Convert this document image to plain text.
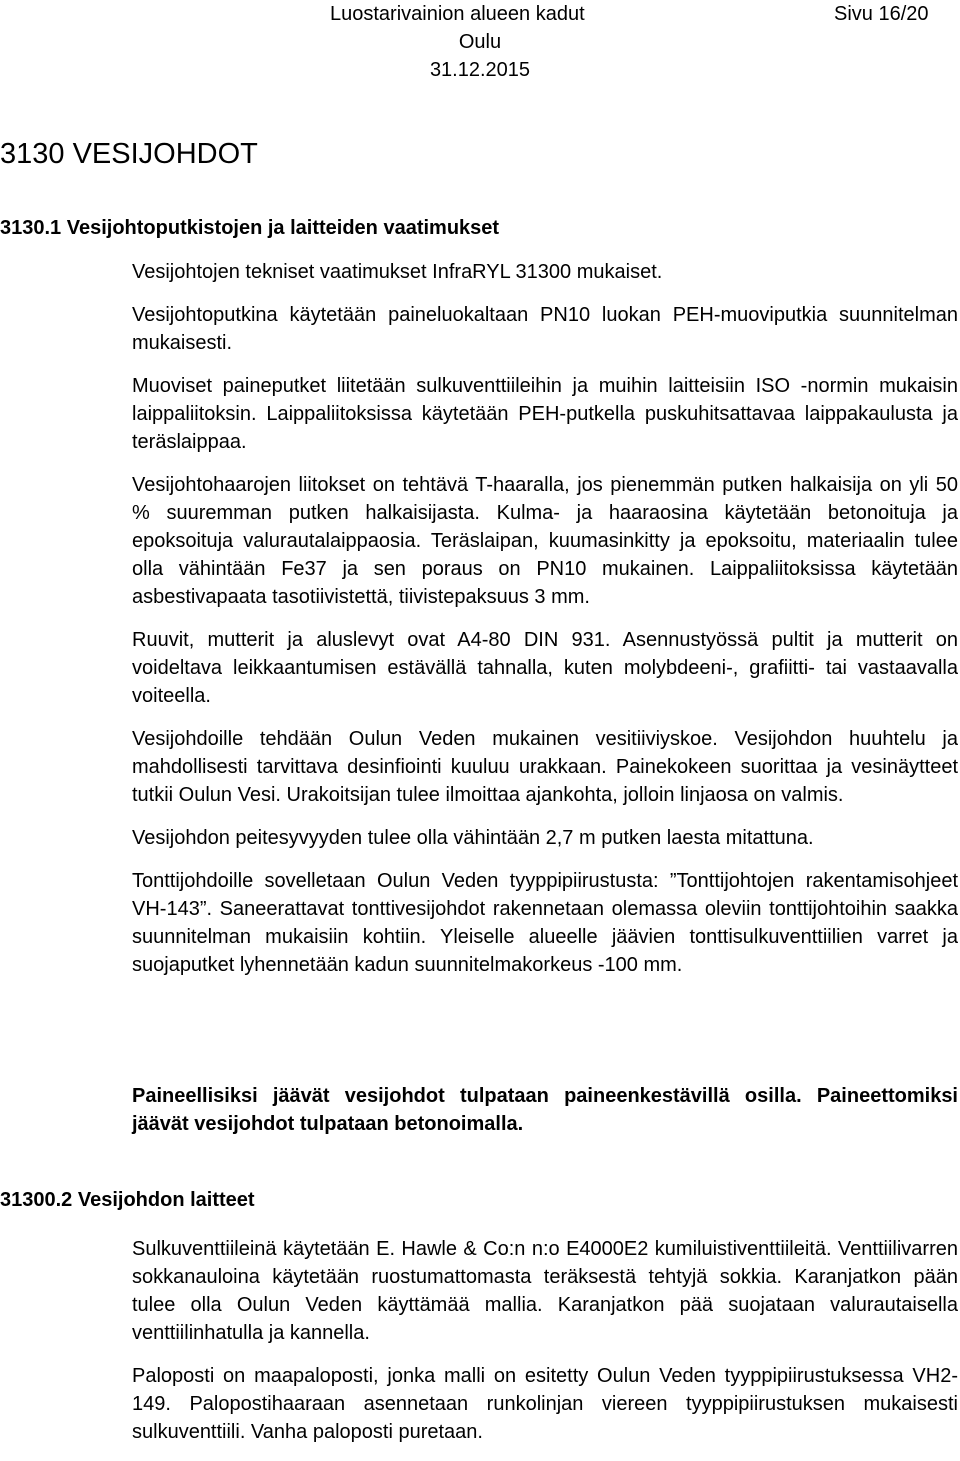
Luostarivainion alueen kadut	Sivu 16/20
Oulu
31.12.2015
3130 VESIJOHDOT
3130.1 Vesijohtoputkistojen ja laitteiden vaatimukset

Vesijohtojen tekniset vaatimukset InfraRYL 31300 mukaiset.

Vesijohtoputkina käytetään paineluokaltaan PN10 luokan PEH-muoviputkia suunnitelman mukaisesti.

Muoviset paineputket liitetään sulkuventtiileihin ja muihin laitteisiin ISO -normin mukaisin laippaliitoksin. Laippaliitoksissa käytetään PEH-putkella puskuhitsattavaa laippakaulusta ja teräslaippaa.

Vesijohtohaarojen liitokset on tehtävä T-haaralla, jos pienemmän putken halkaisija on yli 50 % suuremman putken halkaisijasta. Kulma- ja haaraosina käytetään betonoituja ja epoksoituja valurautalaippaosia. Teräslaipan, kuumasinkitty ja epoksoitu, materiaalin tulee olla vähintään Fe37 ja sen poraus on PN10 mukainen. Laippaliitoksissa käytetään asbestivapaata tasotiivistettä, tiivistepaksuus 3 mm.

Ruuvit, mutterit ja aluslevyt ovat A4-80 DIN 931. Asennustyössä pultit ja mutterit on voideltava leikkaantumisen estävällä tahnalla, kuten molybdeeni-, grafiitti- tai vastaavalla voiteella.

Vesijohdoille tehdään Oulun Veden mukainen vesitiiviyskoe. Vesijohdon huuhtelu ja mahdollisesti tarvittava desinfiointi kuuluu urakkaan. Painekokeen suorittaa ja vesinäytteet tutkii Oulun Vesi. Urakoitsijan tulee ilmoittaa ajankohta, jolloin linjaosa on valmis.

Vesijohdon peitesyvyyden tulee olla vähintään 2,7 m putken laesta mitattuna.

Tonttijohdoille sovelletaan Oulun Veden tyyppipiirustusta: ”Tonttijohtojen rakentamisohjeet VH-143”. Saneerattavat tonttivesijohdot rakennetaan olemassa oleviin tonttijohtoihin saakka suunnitelman mukaisiin kohtiin. Yleiselle alueelle jäävien tonttisulkuventtiilien varret ja suojaputket lyhennetään kadun suunnitelmakorkeus -100 mm.

Paineellisiksi jäävät vesijohdot tulpataan paineenkestävillä osilla. Paineettomiksi jäävät vesijohdot tulpataan betonoimalla.

31300.2 Vesijohdon laitteet

Sulkuventtiileinä käytetään E. Hawle & Co:n n:o E4000E2 kumiluistiventtiileitä. Venttiilivarren sokkanauloina käytetään ruostumattomasta teräksestä tehtyjä sokkia. Karanjatkon pään tulee olla Oulun Veden käyttämää mallia. Karanjatkon pää suojataan valurautaisella venttiilinhatulla ja kannella.

Paloposti on maapaloposti, jonka malli on esitetty Oulun Veden tyyppipiirustuksessa VH2-149. Palopostihaaraan asennetaan runkolinjan viereen tyyppipiirustuksen mukaisesti sulkuventtiili. Vanha paloposti puretaan.
